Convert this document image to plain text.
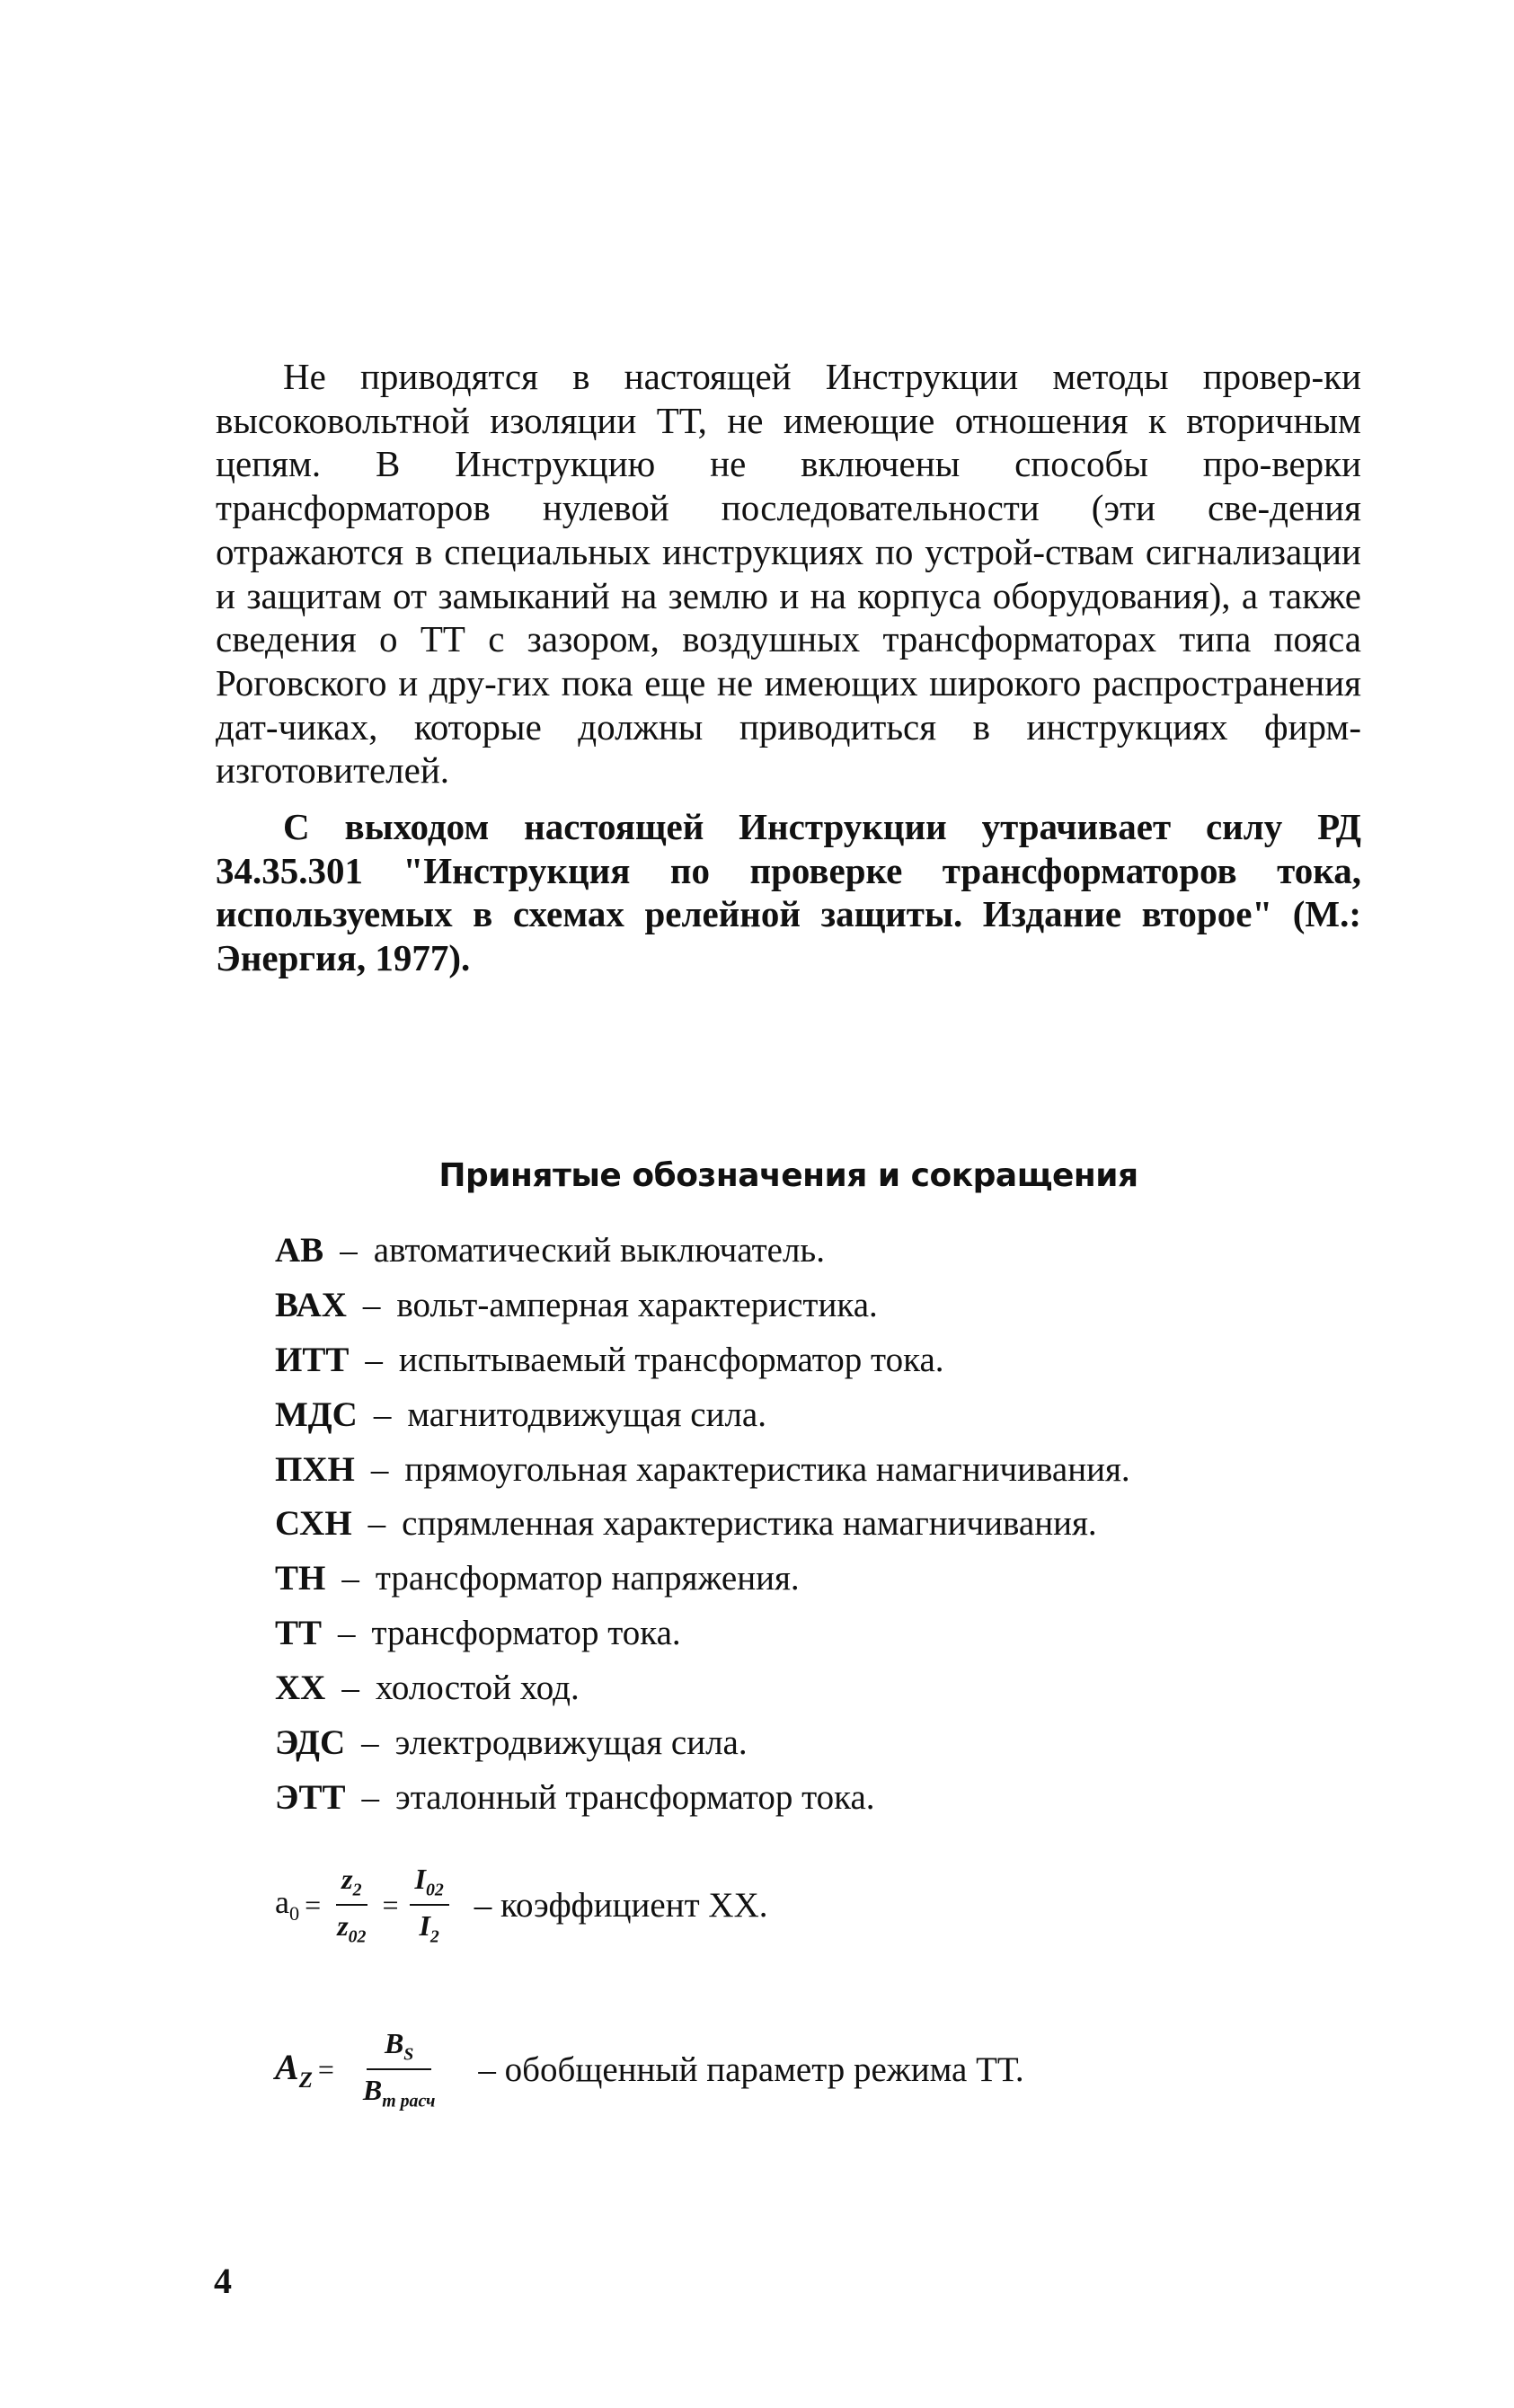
Не приводятся в настоящей Инструкции методы провер-ки высоковольтной изоляции ТТ, не имеющие отношения к вторичным цепям. В Инструкцию не включены способы про-верки трансформаторов нулевой последовательности (эти све-дения отражаются в специальных инструкциях по устрой-ствам сигнализации и защитам от замыканий на землю и на корпуса оборудования), а также сведения о ТТ с зазором, воздушных трансформаторах типа пояса Роговского и дру-гих пока еще не имеющих широкого распространения дат-чиках, которые должны приводиться в инструкциях фирм-изготовителей.

С выходом настоящей Инструкции утрачивает силу РД 34.35.301 "Инструкция по проверке трансформаторов тока, используемых в схемах релейной защиты. Издание второе" (М.: Энергия, 1977).

Принятые обозначения и сокращения
АВ – автоматический выключатель.
ВАХ – вольт-амперная характеристика.
ИТТ – испытываемый трансформатор тока.
МДС – магнитодвижущая сила.
ПХН – прямоугольная характеристика намагничивания.
СХН – спрямленная характеристика намагничивания.
ТН – трансформатор напряжения.
ТТ – трансформатор тока.
ХХ – холостой ход.
ЭДС – электродвижущая сила.
ЭТТ – эталонный трансформатор тока.
$a_0 = \frac{z_2}{z_{02}} = \frac{I_{02}}{I_2}$ – коэффициент ХХ.
$A_Z = \frac{B_S}{B_{m расч}}$ – обобщенный параметр режима ТТ.
4
